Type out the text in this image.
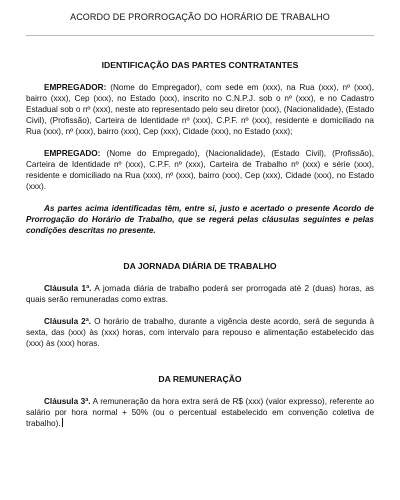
ACORDO DE PRORROGAÇÃO DO HORÁRIO DE TRABALHO
IDENTIFICAÇÃO DAS PARTES CONTRATANTES

EMPREGADOR: (Nome do Empregador), com sede em (xxx), na Rua (xxx), nº (xxx), bairro (xxx), Cep (xxx), no Estado (xxx), inscrito no C.N.P.J. sob o nº (xxx), e no Cadastro Estadual sob o nº (xxx), neste ato representado pelo seu diretor (xxx), (Nacionalidade), (Estado Civil), (Profissão), Carteira de Identidade nº (xxx), C.P.F. nº (xxx), residente e domiciliado na Rua (xxx), nº (xxx), bairro (xxx), Cep (xxx), Cidade (xxx), no Estado (xxx);

EMPREGADO: (Nome do Empregado), (Nacionalidade), (Estado Civil), (Profissão), Carteira de Identidade nº (xxx), C.P.F. nº (xxx), Carteira de Trabalho nº (xxx) e série (xxx), residente e domiciliado na Rua (xxx), nº (xxx), bairro (xxx), Cep (xxx), Cidade (xxx), no Estado (xxx).

As partes acima identificadas têm, entre si, justo e acertado o presente Acordo de Prorrogação do Horário de Trabalho, que se regerá pelas cláusulas seguintes e pelas condições descritas no presente.

DA JORNADA DIÁRIA DE TRABALHO

Cláusula 1ª. A jornada diária de trabalho poderá ser prorrogada até 2 (duas) horas, as quais serão remuneradas como extras.

Cláusula 2ª. O horário de trabalho, durante a vigência deste acordo, será de segunda à sexta, das (xxx) às (xxx) horas, com intervalo para repouso e alimentação estabelecido das (xxx) às (xxx) horas.

DA REMUNERAÇÃO

Cláusula 3ª. A remuneração da hora extra será de R$ (xxx) (valor expresso), referente ao salário por hora normal + 50% (ou o percentual estabelecido em convenção coletiva de trabalho).
